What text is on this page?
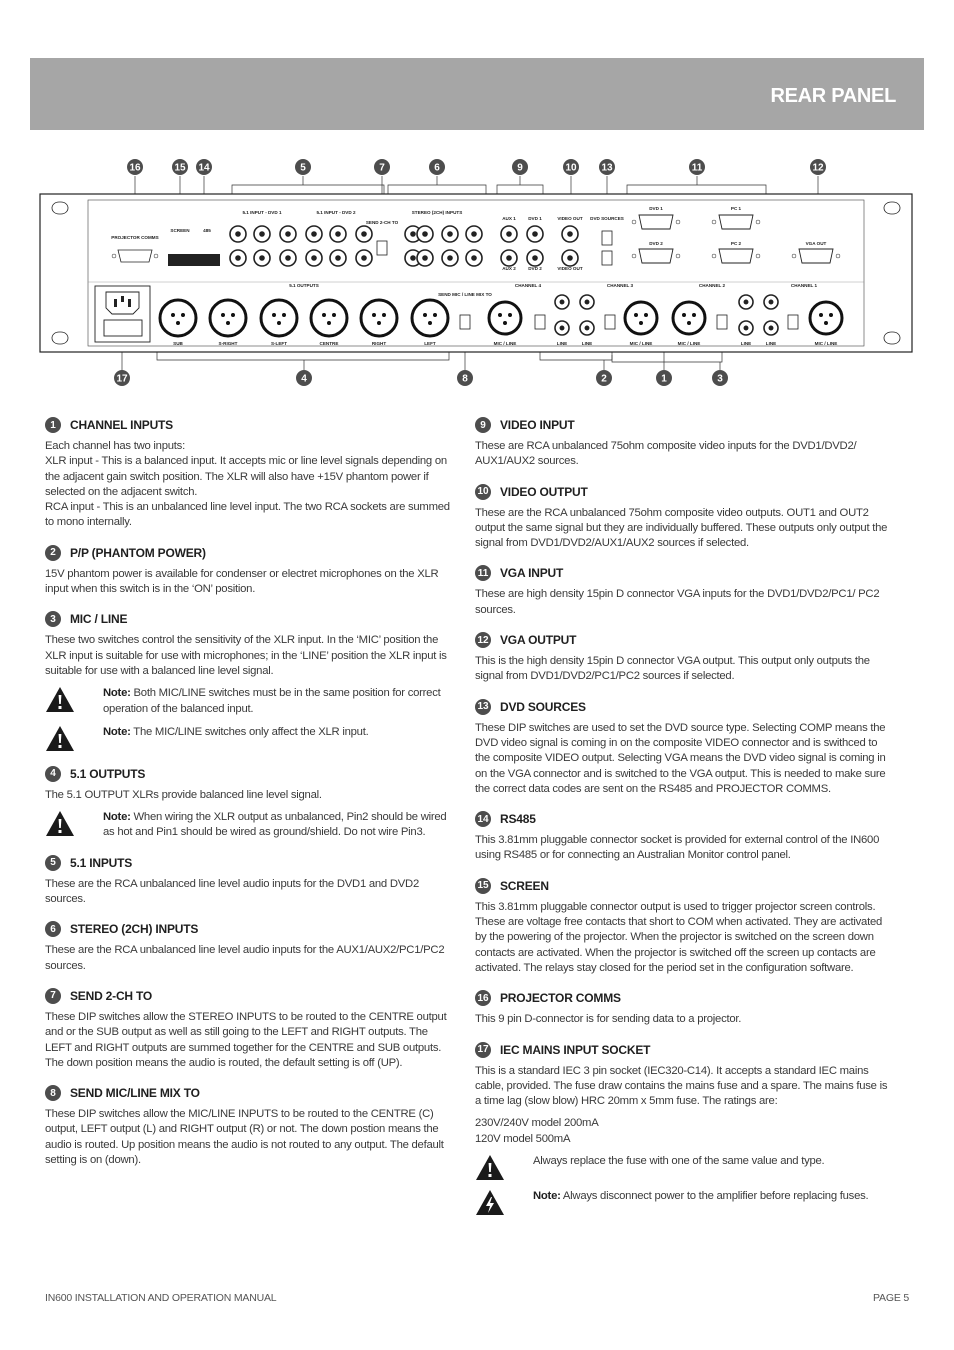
REAR PANEL
16	15 14	5	7	6	9	10 13	11	12
17	4	8	2	1	3
PROJECTOR COMMS
SCREEN	485
5.1 INPUT - DVD 1	5.1 INPUT - DVD 2
SEND 2-CH TO
STEREO (2CH) INPUTS
AUX 1	DVD 1
AUX 2	DVD 2
VIDEO OUT
VIDEO OUT
DVD SOURCES
DVD 1	PC 1
DVD 2	PC 2	VGA OUT
5.1 OUTPUTS
SEND MIC / LINE MIX TO
CHANNEL 4	CHANNEL 3	CHANNEL 2	CHANNEL 1
SUB	S-RIGHT	S-LEFT	CENTRE	RIGHT	LEFT	MIC / LINE	LINE	LINE	MIC / LINE	MIC / LINE	LINE	LINE	MIC / LINE
1	CHANNEL INPUTS
Each channel has two inputs:
XLR input - This is a balanced input. It accepts mic or line level signals depending on the adjacent gain switch position. The XLR will also have +15V phantom power if selected on the adjacent switch.
RCA input - This is an unbalanced line level input. The two RCA sockets are summed to mono internally.
2	P/P (PHANTOM POWER)
15V phantom power is available for condenser or electret microphones on the XLR input when this switch is in the ‘ON’ position.
3	MIC / LINE
These two switches control the sensitivity of the XLR input. In the ‘MIC’ position the XLR input is suitable for use with microphones; in the ‘LINE’ position the XLR input is suitable for use with a balanced line level signal.
Note: Both MIC/LINE switches must be in the same position for correct operation of the balanced input.
Note: The MIC/LINE switches only affect the XLR input.
4	5.1 OUTPUTS
The 5.1 OUTPUT XLRs provide balanced line level signal.
Note: When wiring the XLR output as unbalanced, Pin2 should be wired as hot and Pin1 should be wired as ground/shield. Do not wire Pin3.
5	5.1 INPUTS
These are the RCA unbalanced line level audio inputs for the DVD1 and DVD2 sources.
6	STEREO (2CH) INPUTS
These are the RCA unbalanced line level audio inputs for the AUX1/AUX2/PC1/PC2 sources.
7	SEND 2-CH TO
These DIP switches allow the STEREO INPUTS to be routed to the CENTRE output and or the SUB output as well as still going to the LEFT and RIGHT outputs. The LEFT and RIGHT outputs are summed together for the CENTRE and SUB outputs. The down position means the audio is routed, the default setting is off (UP).
8	SEND MIC/LINE MIX TO
These DIP switches allow the MIC/LINE INPUTS to be routed to the CENTRE (C) output, LEFT output (L) and RIGHT output (R) or not. The down postion means the audio is routed. Up position means the audio is not routed to any output. The default setting is on (down).
9	VIDEO INPUT
These are RCA unbalanced 75ohm composite video inputs for the DVD1/DVD2/ AUX1/AUX2 sources.
10 VIDEO OUTPUT
These are the RCA unbalanced 75ohm composite video outputs. OUT1 and OUT2 output the same signal but they are individually buffered. These outputs only output the signal from DVD1/DVD2/AUX1/AUX2 sources if selected.
11 VGA INPUT
These are high density 15pin D connector VGA inputs for the DVD1/DVD2/PC1/ PC2 sources.
12 VGA OUTPUT
This is the high density 15pin D connector VGA output. This output only outputs the signal from DVD1/DVD2/PC1/PC2 sources if selected.
13 DVD SOURCES
These DIP switches are used to set the DVD source type. Selecting COMP means the DVD video signal is coming in on the composite VIDEO connector and is swithced to the composite VIDEO output. Selecting VGA means the DVD video signal is coming in on the VGA connector and is switched to the VGA output. This is needed to make sure the correct data codes are sent on the RS485 and PROJECTOR COMMS.
14 RS485
This 3.81mm pluggable connector socket is provided for external control of the IN600 using RS485 or for connecting an Australian Monitor control panel.
15 SCREEN
This 3.81mm pluggable connector output is used to trigger projector screen controls. These are voltage free contacts that short to COM when activated. They are activated by the powering of the projector. When the projector is switched on the screen down contacts are activated. When the projector is switched off the screen up contacts are activated. The relays stay closed for the period set in the configuration software.
16 PROJECTOR COMMS
This 9 pin D-connector is for sending data to a projector.
17 IEC MAINS INPUT SOCKET
This is a standard IEC 3 pin socket (IEC320-C14). It accepts a standard IEC mains cable, provided. The fuse draw contains the mains fuse and a spare. The mains fuse is a time lag (slow blow) HRC 20mm x 5mm fuse. The ratings are:
230V/240V model 200mA
120V model 500mA
Always replace the fuse with one of the same value and type.
Note: Always disconnect power to the amplifier before replacing fuses.
IN600 INSTALLATION AND OPERATION MANUAL	PAGE 5
